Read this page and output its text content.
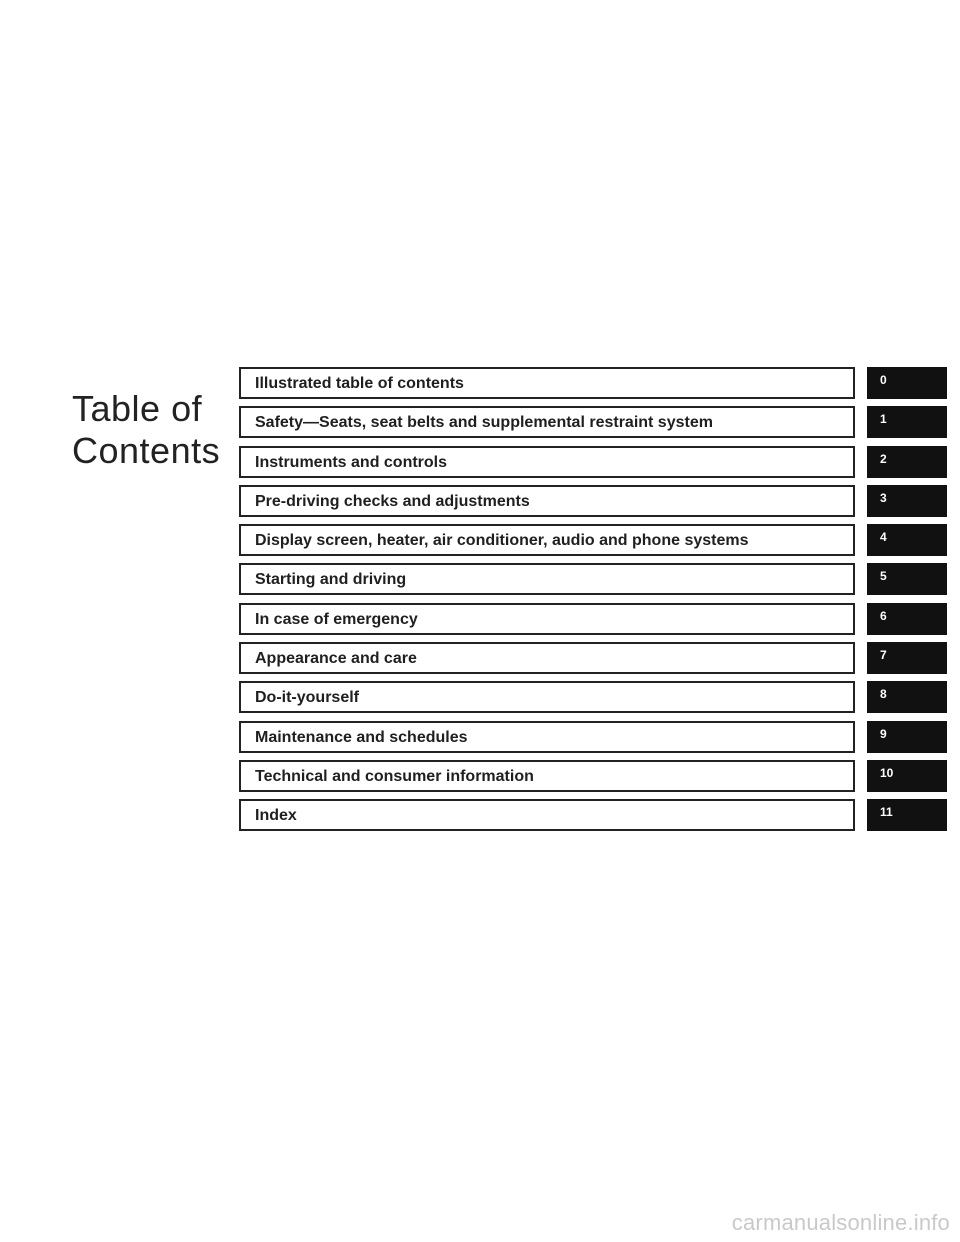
Table of
Contents
Illustrated table of contents	0
Safety—Seats, seat belts and supplemental restraint system	1
Instruments and controls	2
Pre-driving checks and adjustments	3
Display screen, heater, air conditioner, audio and phone systems	4
Starting and driving	5
In case of emergency	6
Appearance and care	7
Do-it-yourself	8
Maintenance and schedules	9
Technical and consumer information	10
Index	11
carmanualsonline.info
